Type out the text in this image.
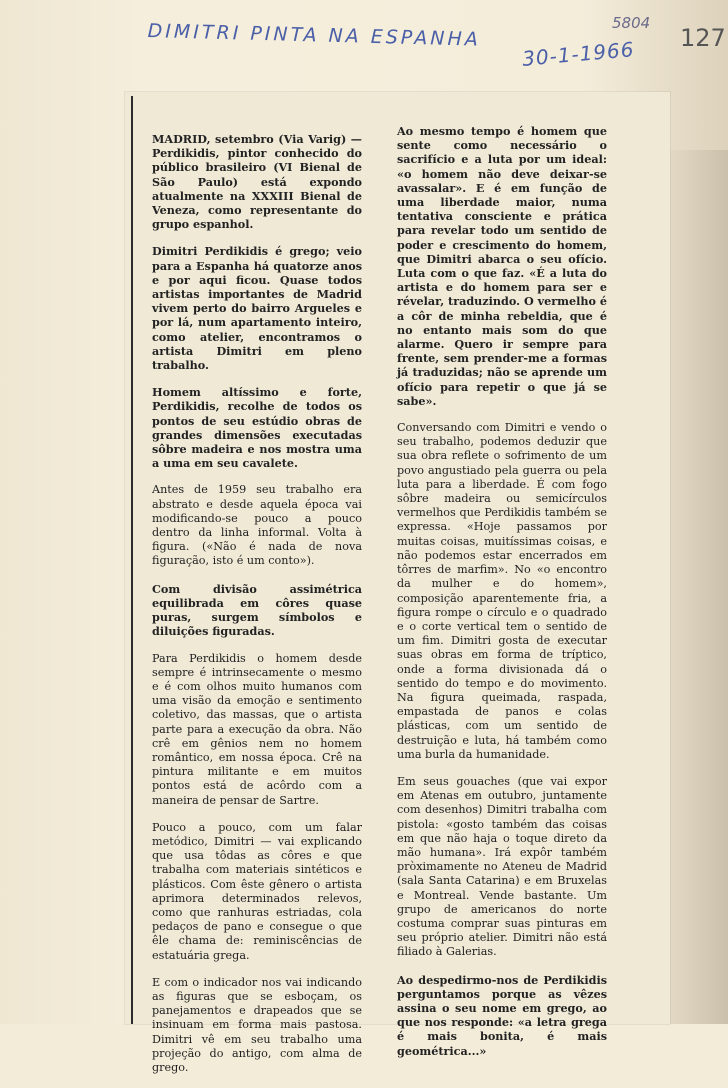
DIMITRI PINTA NA ESPANHA
30-1-1966
5804
127

MADRID, setembro (Via Varig) — Perdikidis, pintor conhecido do público brasileiro (VI Bienal de São Paulo) está expondo atualmente na XXXIII Bienal de Veneza, como representante do grupo espanhol.

Dimitri Perdikidis é grego; veio para a Espanha há quatorze anos e por aqui ficou. Quase todos artistas importantes de Madrid vivem perto do bairro Argueles e por lá, num apartamento inteiro, como atelier, encontramos o artista Dimitri em pleno trabalho.

Homem altíssimo e forte, Perdikidis, recolhe de todos os pontos de seu estúdio obras de grandes dimensões executadas sôbre madeira e nos mostra uma a uma em seu cavalete.

Antes de 1959 seu trabalho era abstrato e desde aquela época vai modificando-se pouco a pouco dentro da linha informal. Volta à figura. («Não é nada de nova figuração, isto é um conto»).

Com divisão assimétrica equilibrada em côres quase puras, surgem símbolos e diluições figuradas.

Para Perdikidis o homem desde sempre é intrinsecamente o mesmo e é com olhos muito humanos com uma visão da emoção e sentimento coletivo, das massas, que o artista parte para a execução da obra. Não crê em gênios nem no homem romântico, em nossa época. Crê na pintura militante e em muitos pontos está de acôrdo com a maneira de pensar de Sartre.

Pouco a pouco, com um falar metódico, Dimitri — vai explicando que usa tôdas as côres e que trabalha com materiais sintéticos e plásticos. Com êste gênero o artista aprimora determinados relevos, como que ranhuras estriadas, cola pedaços de pano e consegue o que êle chama de: reminiscências de estatuária grega.

E com o indicador nos vai indicando as figuras que se esboçam, os panejamentos e drapeados que se insinuam em forma mais pastosa. Dimitri vê em seu trabalho uma projeção do antigo, com alma de grego.

Ao mesmo tempo é homem que sente como necessário o sacrifício e a luta por um ideal: «o homem não deve deixar-se avassalar». E é em função de uma liberdade maior, numa tentativa consciente e prática para revelar todo um sentido de poder e crescimento do homem, que Dimitri abarca o seu ofício. Luta com o que faz. «É a luta do artista e do homem para ser e révelar, traduzindo. O vermelho é a côr de minha rebeldia, que é no entanto mais som do que alarme. Quero ir sempre para frente, sem prender-me a formas já traduzidas; não se aprende um ofício para repetir o que já se sabe».

Conversando com Dimitri e vendo o seu trabalho, podemos deduzir que sua obra reflete o sofrimento de um povo angustiado pela guerra ou pela luta para a liberdade. É com fogo sôbre madeira ou semicírculos vermelhos que Perdikidis também se expressa. «Hoje passamos por muitas coisas, muitíssimas coisas, e não podemos estar encerrados em tôrres de marfim». No «o encontro da mulher e do homem», composição aparentemente fria, a figura rompe o círculo e o quadrado e o corte vertical tem o sentido de um fim. Dimitri gosta de executar suas obras em forma de tríptico, onde a forma divisionada dá o sentido do tempo e do movimento. Na figura queimada, raspada, empastada de panos e colas plásticas, com um sentido de destruição e luta, há também como uma burla da humanidade.

Em seus gouaches (que vai expor em Atenas em outubro, juntamente com desenhos) Dimitri trabalha com pistola: «gosto também das coisas em que não haja o toque direto da mão humana». Irá expôr também pròximamente no Ateneu de Madrid (sala Santa Catarina) e em Bruxelas e Montreal. Vende bastante. Um grupo de americanos do norte costuma comprar suas pinturas em seu próprio atelier. Dimitri não está filiado à Galerias.

Ao despedirmo-nos de Perdikidis perguntamos porque as vêzes assina o seu nome em grego, ao que nos responde: «a letra grega é mais bonita, é mais geométrica...»
